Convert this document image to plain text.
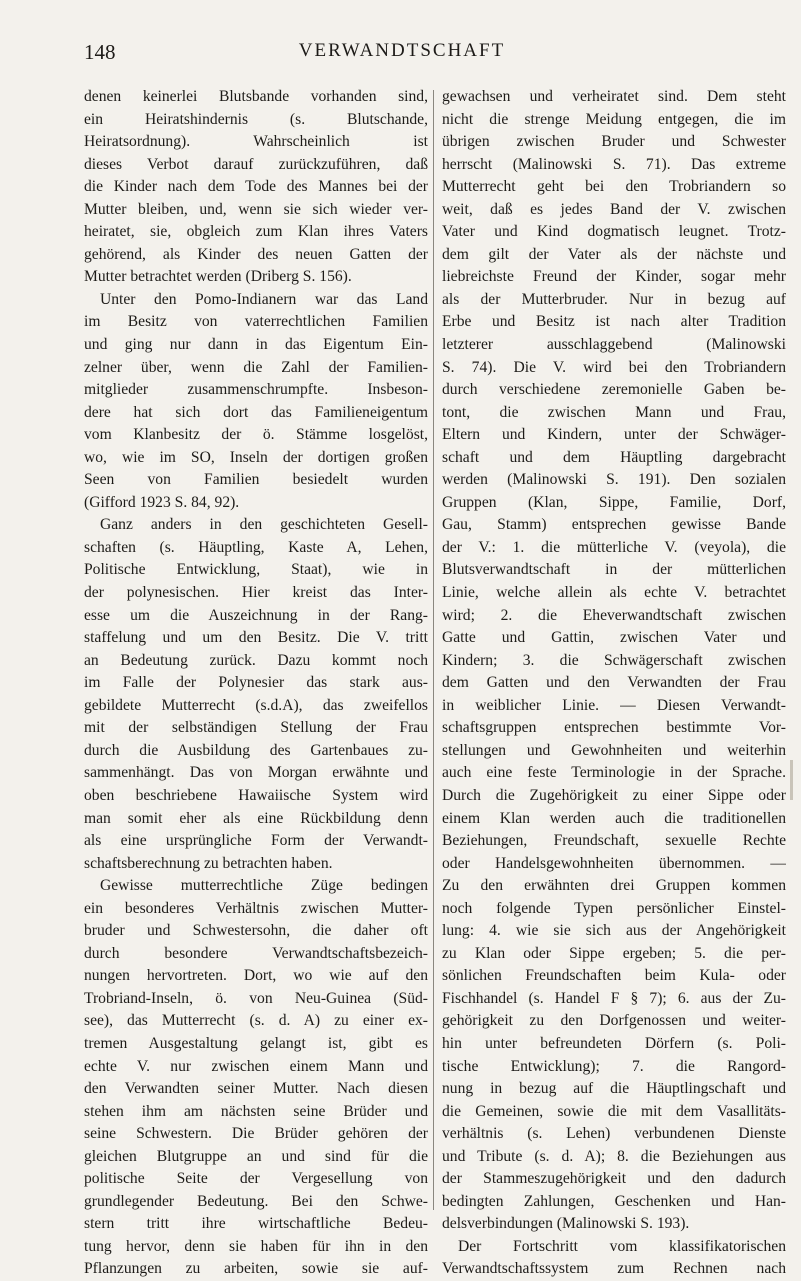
148	VERWANDTSCHAFT
denen keinerlei Blutsbande vorhanden sind,
ein Heiratshindernis (s. Blutschande,
Heiratsordnung). Wahrscheinlich ist
dieses Verbot darauf zurückzuführen, daß
die Kinder nach dem Tode des Mannes bei der
Mutter bleiben, und, wenn sie sich wieder ver-
heiratet, sie, obgleich zum Klan ihres Vaters
gehörend, als Kinder des neuen Gatten der
Mutter betrachtet werden (Driberg S. 156).
Unter den Pomo-Indianern war das Land
im Besitz von vaterrechtlichen Familien
und ging nur dann in das Eigentum Ein-
zelner über, wenn die Zahl der Familien-
mitglieder zusammenschrumpfte. Insbeson-
dere hat sich dort das Familieneigentum
vom Klanbesitz der ö. Stämme losgelöst,
wo, wie im SO, Inseln der dortigen großen
Seen von Familien besiedelt wurden
(Gifford 1923 S. 84, 92).
Ganz anders in den geschichteten Gesell-
schaften (s. Häuptling, Kaste A, Lehen,
Politische Entwicklung, Staat), wie in
der polynesischen. Hier kreist das Inter-
esse um die Auszeichnung in der Rang-
staffelung und um den Besitz. Die V. tritt
an Bedeutung zurück. Dazu kommt noch
im Falle der Polynesier das stark aus-
gebildete Mutterrecht (s.d.A), das zweifellos
mit der selbständigen Stellung der Frau
durch die Ausbildung des Gartenbaues zu-
sammenhängt. Das von Morgan erwähnte und
oben beschriebene Hawaiische System wird
man somit eher als eine Rückbildung denn
als eine ursprüngliche Form der Verwandt-
schaftsberechnung zu betrachten haben.
Gewisse mutterrechtliche Züge bedingen
ein besonderes Verhältnis zwischen Mutter-
bruder und Schwestersohn, die daher oft
durch besondere Verwandtschaftsbezeich-
nungen hervortreten. Dort, wo wie auf den
Trobriand-Inseln, ö. von Neu-Guinea (Süd-
see), das Mutterrecht (s. d. A) zu einer ex-
tremen Ausgestaltung gelangt ist, gibt es
echte V. nur zwischen einem Mann und
den Verwandten seiner Mutter. Nach diesen
stehen ihm am nächsten seine Brüder und
seine Schwestern. Die Brüder gehören der
gleichen Blutgruppe an und sind für die
politische Seite der Vergesellung von
grundlegender Bedeutung. Bei den Schwe-
stern tritt ihre wirtschaftliche Bedeu-
tung hervor, denn sie haben für ihn in den
Pflanzungen zu arbeiten, sowie sie auf-
gewachsen und verheiratet sind. Dem steht
nicht die strenge Meidung entgegen, die im
übrigen zwischen Bruder und Schwester
herrscht (Malinowski S. 71). Das extreme
Mutterrecht geht bei den Trobriandern so
weit, daß es jedes Band der V. zwischen
Vater und Kind dogmatisch leugnet. Trotz-
dem gilt der Vater als der nächste und
liebreichste Freund der Kinder, sogar mehr
als der Mutterbruder. Nur in bezug auf
Erbe und Besitz ist nach alter Tradition
letzterer ausschlaggebend (Malinowski
S. 74). Die V. wird bei den Trobriandern
durch verschiedene zeremonielle Gaben be-
tont, die zwischen Mann und Frau,
Eltern und Kindern, unter der Schwäger-
schaft und dem Häuptling dargebracht
werden (Malinowski S. 191). Den sozialen
Gruppen (Klan, Sippe, Familie, Dorf,
Gau, Stamm) entsprechen gewisse Bande
der V.: 1. die mütterliche V. (veyola), die
Blutsverwandtschaft in der mütterlichen
Linie, welche allein als echte V. betrachtet
wird; 2. die Eheverwandtschaft zwischen
Gatte und Gattin, zwischen Vater und
Kindern; 3. die Schwägerschaft zwischen
dem Gatten und den Verwandten der Frau
in weiblicher Linie. — Diesen Verwandt-
schaftsgruppen entsprechen bestimmte Vor-
stellungen und Gewohnheiten und weiterhin
auch eine feste Terminologie in der Sprache.
Durch die Zugehörigkeit zu einer Sippe oder
einem Klan werden auch die traditionellen
Beziehungen, Freundschaft, sexuelle Rechte
oder Handelsgewohnheiten übernommen. —
Zu den erwähnten drei Gruppen kommen
noch folgende Typen persönlicher Einstel-
lung: 4. wie sie sich aus der Angehörigkeit
zu Klan oder Sippe ergeben; 5. die per-
sönlichen Freundschaften beim Kula- oder
Fischhandel (s. Handel F § 7); 6. aus der Zu-
gehörigkeit zu den Dorfgenossen und weiter-
hin unter befreundeten Dörfern (s. Poli-
tische Entwicklung); 7. die Rangord-
nung in bezug auf die Häuptlingschaft und
die Gemeinen, sowie die mit dem Vasallitäts-
verhältnis (s. Lehen) verbundenen Dienste
und Tribute (s. d. A); 8. die Beziehungen aus
der Stammeszugehörigkeit und den dadurch
bedingten Zahlungen, Geschenken und Han-
delsverbindungen (Malinowski S. 193).
Der Fortschritt vom klassifikatorischen
Verwandtschaftssystem zum Rechnen nach
